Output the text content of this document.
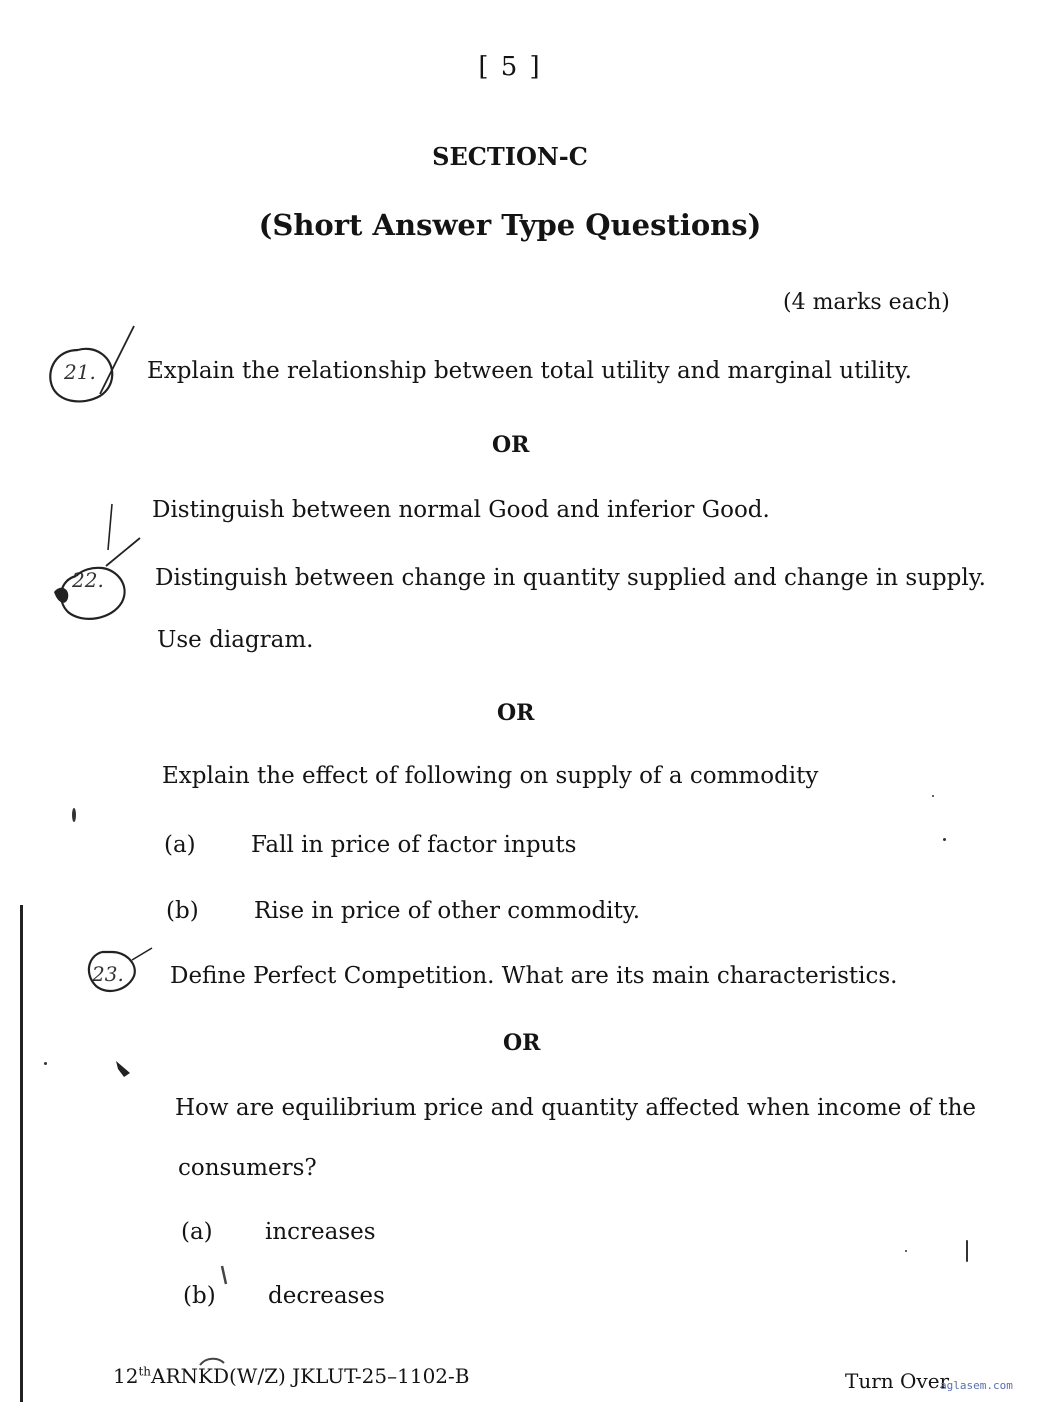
[ 5 ]
SECTION-C
(Short Answer Type Questions)
(4 marks each)
21. Explain the relationship between total utility and marginal utility.
OR
Distinguish between normal Good and inferior Good.
22. Distinguish between change in quantity supplied and change in supply.
Use diagram.
OR
Explain the effect of following on supply of a commodity
(a) Fall in price of factor inputs
(b) Rise in price of other commodity.
23. Define Perfect Competition. What are its main characteristics.
OR
How are equilibrium price and quantity affected when income of the
consumers?
(a) increases
(b) decreases
12thARNKD(W/Z) JKLUT-25–1102-B	Turn Over
aglasem.com
